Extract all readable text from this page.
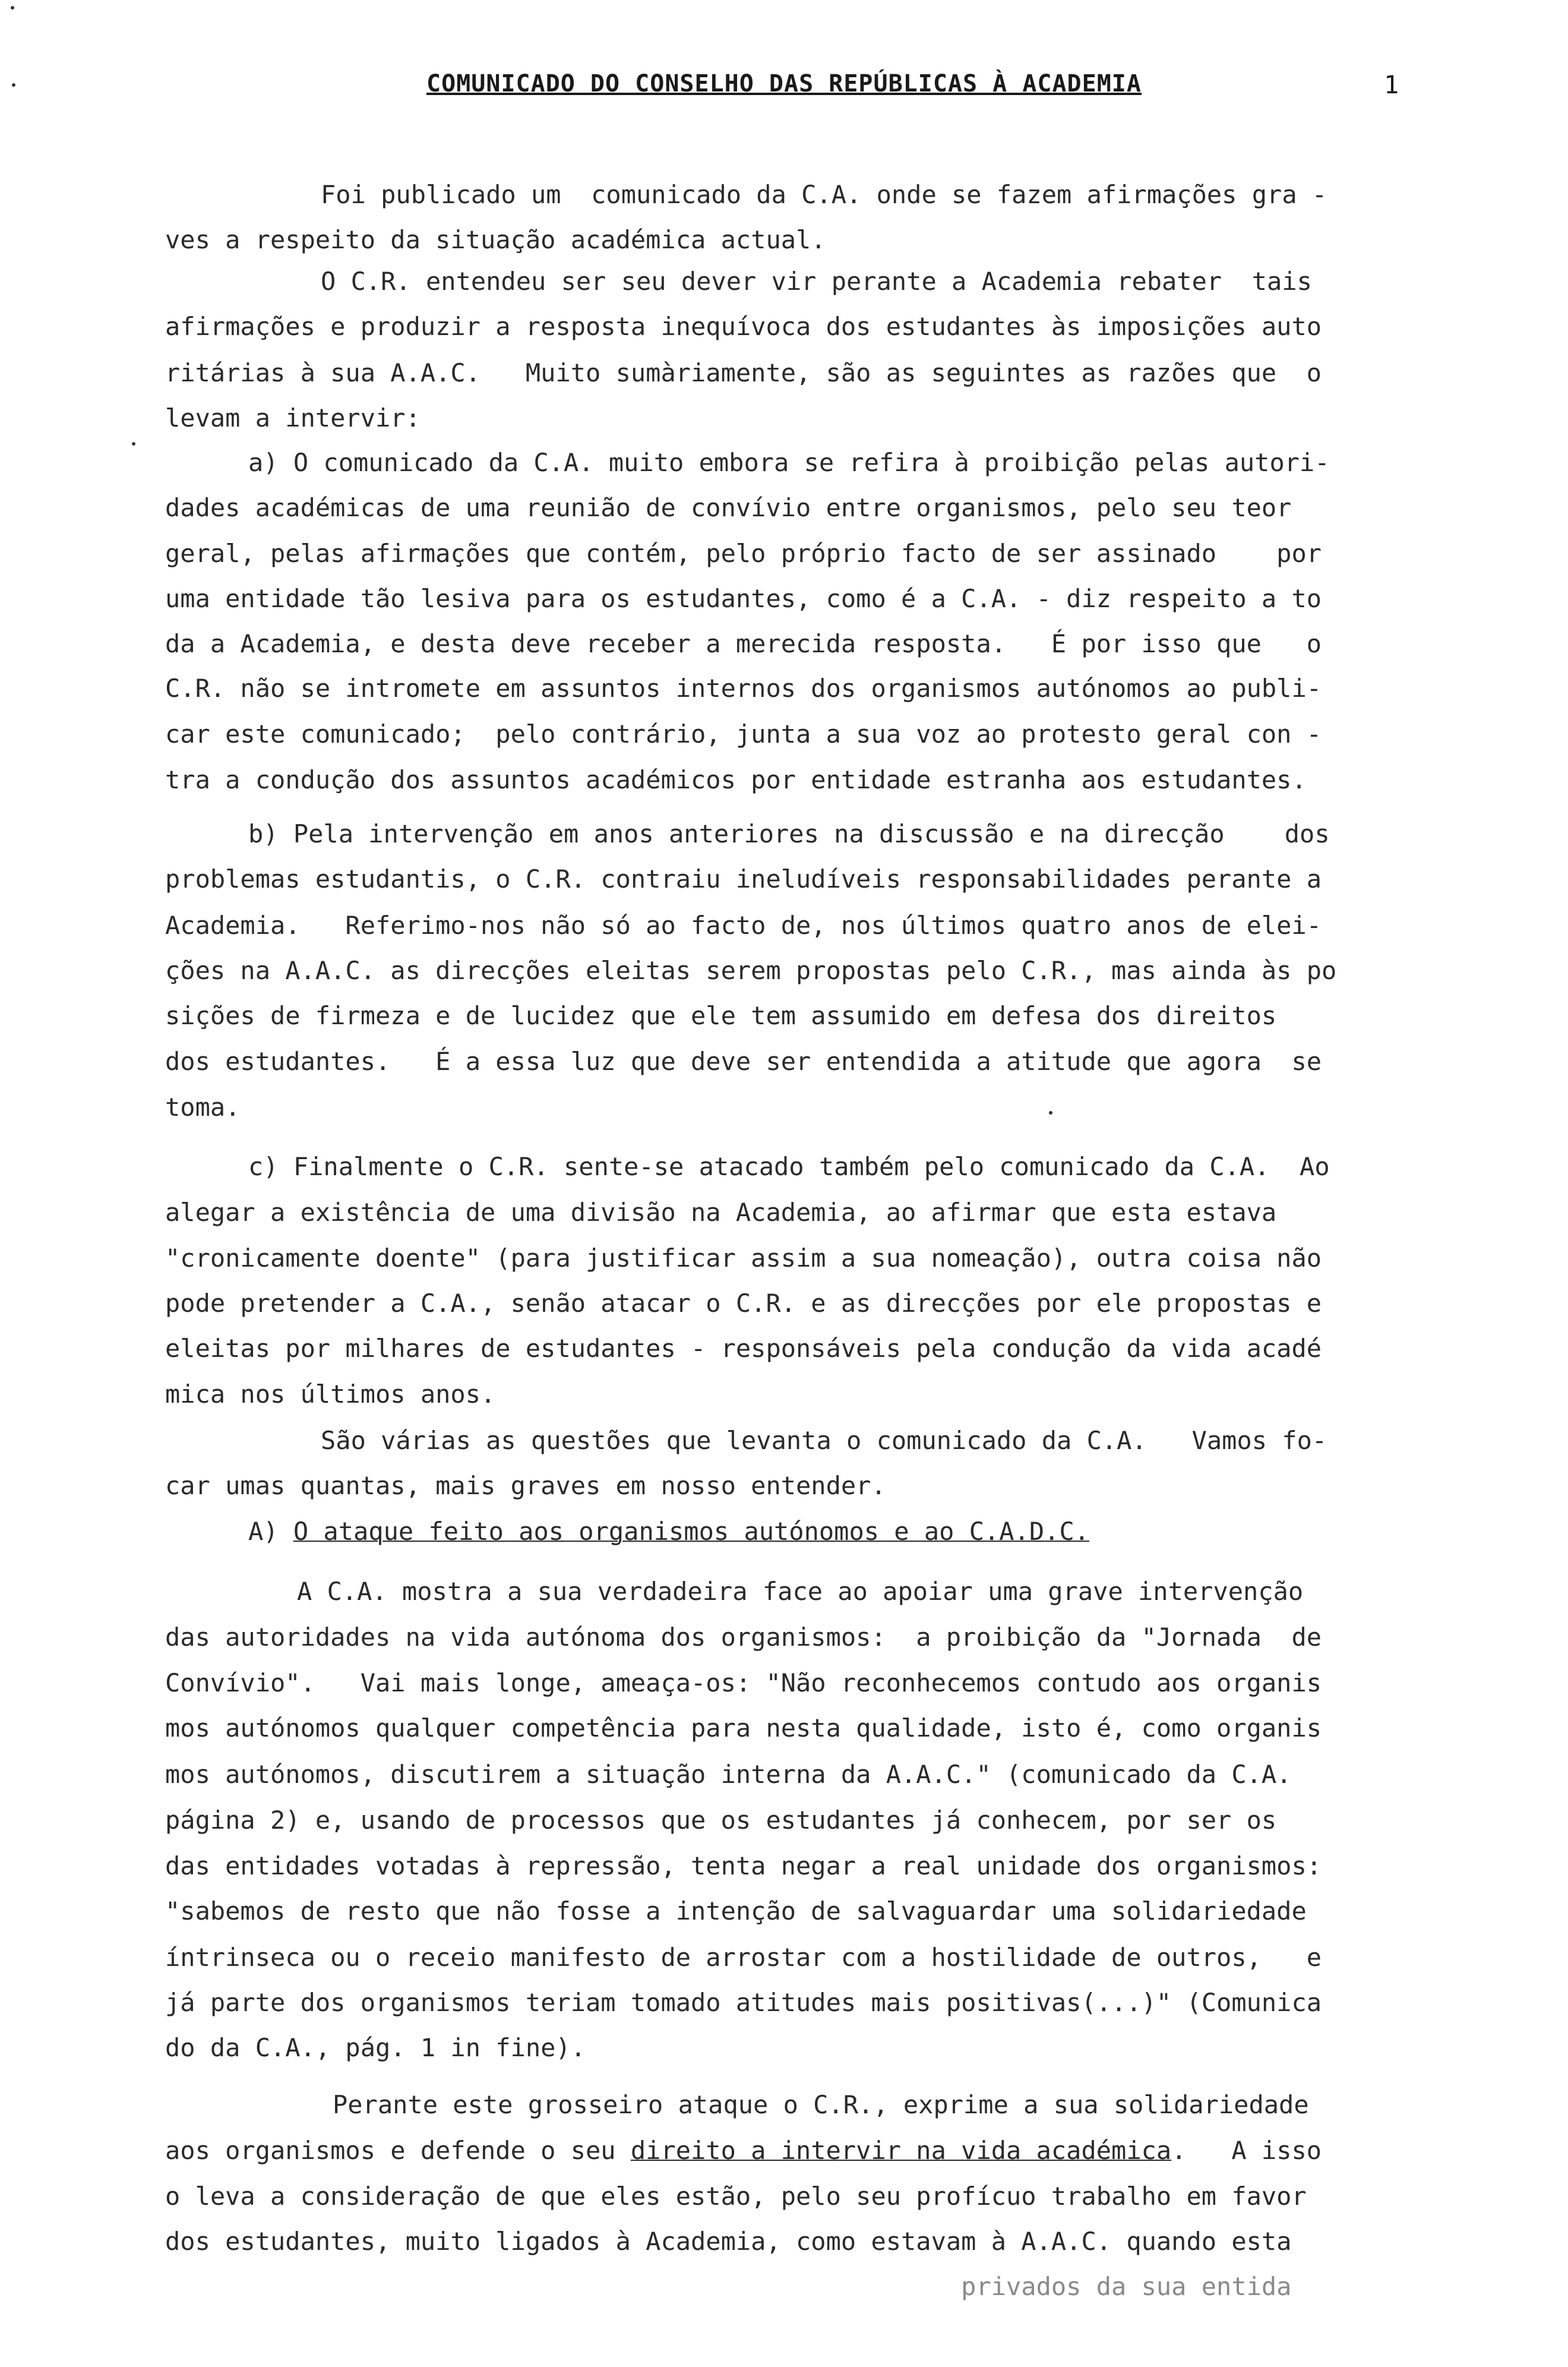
COMUNICADO DO CONSELHO DAS REPÚBLICAS À ACADEMIA	1
Foi publicado um  comunicado da C.A. onde se fazem afirmações gra -
ves a respeito da situação académica actual.
O C.R. entendeu ser seu dever vir perante a Academia rebater  tais
afirmações e produzir a resposta inequívoca dos estudantes às imposições auto
ritárias à sua A.A.C.   Muito sumàriamente, são as seguintes as razões que  o
levam a intervir:
a) O comunicado da C.A. muito embora se refira à proibição pelas autori-
dades académicas de uma reunião de convívio entre organismos, pelo seu teor
geral, pelas afirmações que contém, pelo próprio facto de ser assinado    por
uma entidade tão lesiva para os estudantes, como é a C.A. - diz respeito a to
da a Academia, e desta deve receber a merecida resposta.   É por isso que   o
C.R. não se intromete em assuntos internos dos organismos autónomos ao publi-
car este comunicado;  pelo contrário, junta a sua voz ao protesto geral con -
tra a condução dos assuntos académicos por entidade estranha aos estudantes.
b) Pela intervenção em anos anteriores na discussão e na direcção    dos
problemas estudantis, o C.R. contraiu ineludíveis responsabilidades perante a
Academia.   Referimo-nos não só ao facto de, nos últimos quatro anos de elei-
ções na A.A.C. as direcções eleitas serem propostas pelo C.R., mas ainda às po
sições de firmeza e de lucidez que ele tem assumido em defesa dos direitos
dos estudantes.   É a essa luz que deve ser entendida a atitude que agora  se
toma.
c) Finalmente o C.R. sente-se atacado também pelo comunicado da C.A.  Ao
alegar a existência de uma divisão na Academia, ao afirmar que esta estava
"cronicamente doente" (para justificar assim a sua nomeação), outra coisa não
pode pretender a C.A., senão atacar o C.R. e as direcções por ele propostas e
eleitas por milhares de estudantes - responsáveis pela condução da vida acadé
mica nos últimos anos.
São várias as questões que levanta o comunicado da C.A.   Vamos fo-
car umas quantas, mais graves em nosso entender.
A) O ataque feito aos organismos autónomos e ao C.A.D.C.
A C.A. mostra a sua verdadeira face ao apoiar uma grave intervenção
das autoridades na vida autónoma dos organismos:  a proibição da "Jornada  de
Convívio".   Vai mais longe, ameaça-os: "Não reconhecemos contudo aos organis
mos autónomos qualquer competência para nesta qualidade, isto é, como organis
mos autónomos, discutirem a situação interna da A.A.C." (comunicado da C.A.
página 2) e, usando de processos que os estudantes já conhecem, por ser os
das entidades votadas à repressão, tenta negar a real unidade dos organismos:
"sabemos de resto que não fosse a intenção de salvaguardar uma solidariedade
íntrinseca ou o receio manifesto de arrostar com a hostilidade de outros,   e
já parte dos organismos teriam tomado atitudes mais positivas(...)" (Comunica
do da C.A., pág. 1 in fine).
Perante este grosseiro ataque o C.R., exprime a sua solidariedade
aos organismos e defende o seu direito a intervir na vida académica.   A isso
o leva a consideração de que eles estão, pelo seu profícuo trabalho em favor
dos estudantes, muito ligados à Academia, como estavam à A.A.C. quando esta
privados da sua entida
